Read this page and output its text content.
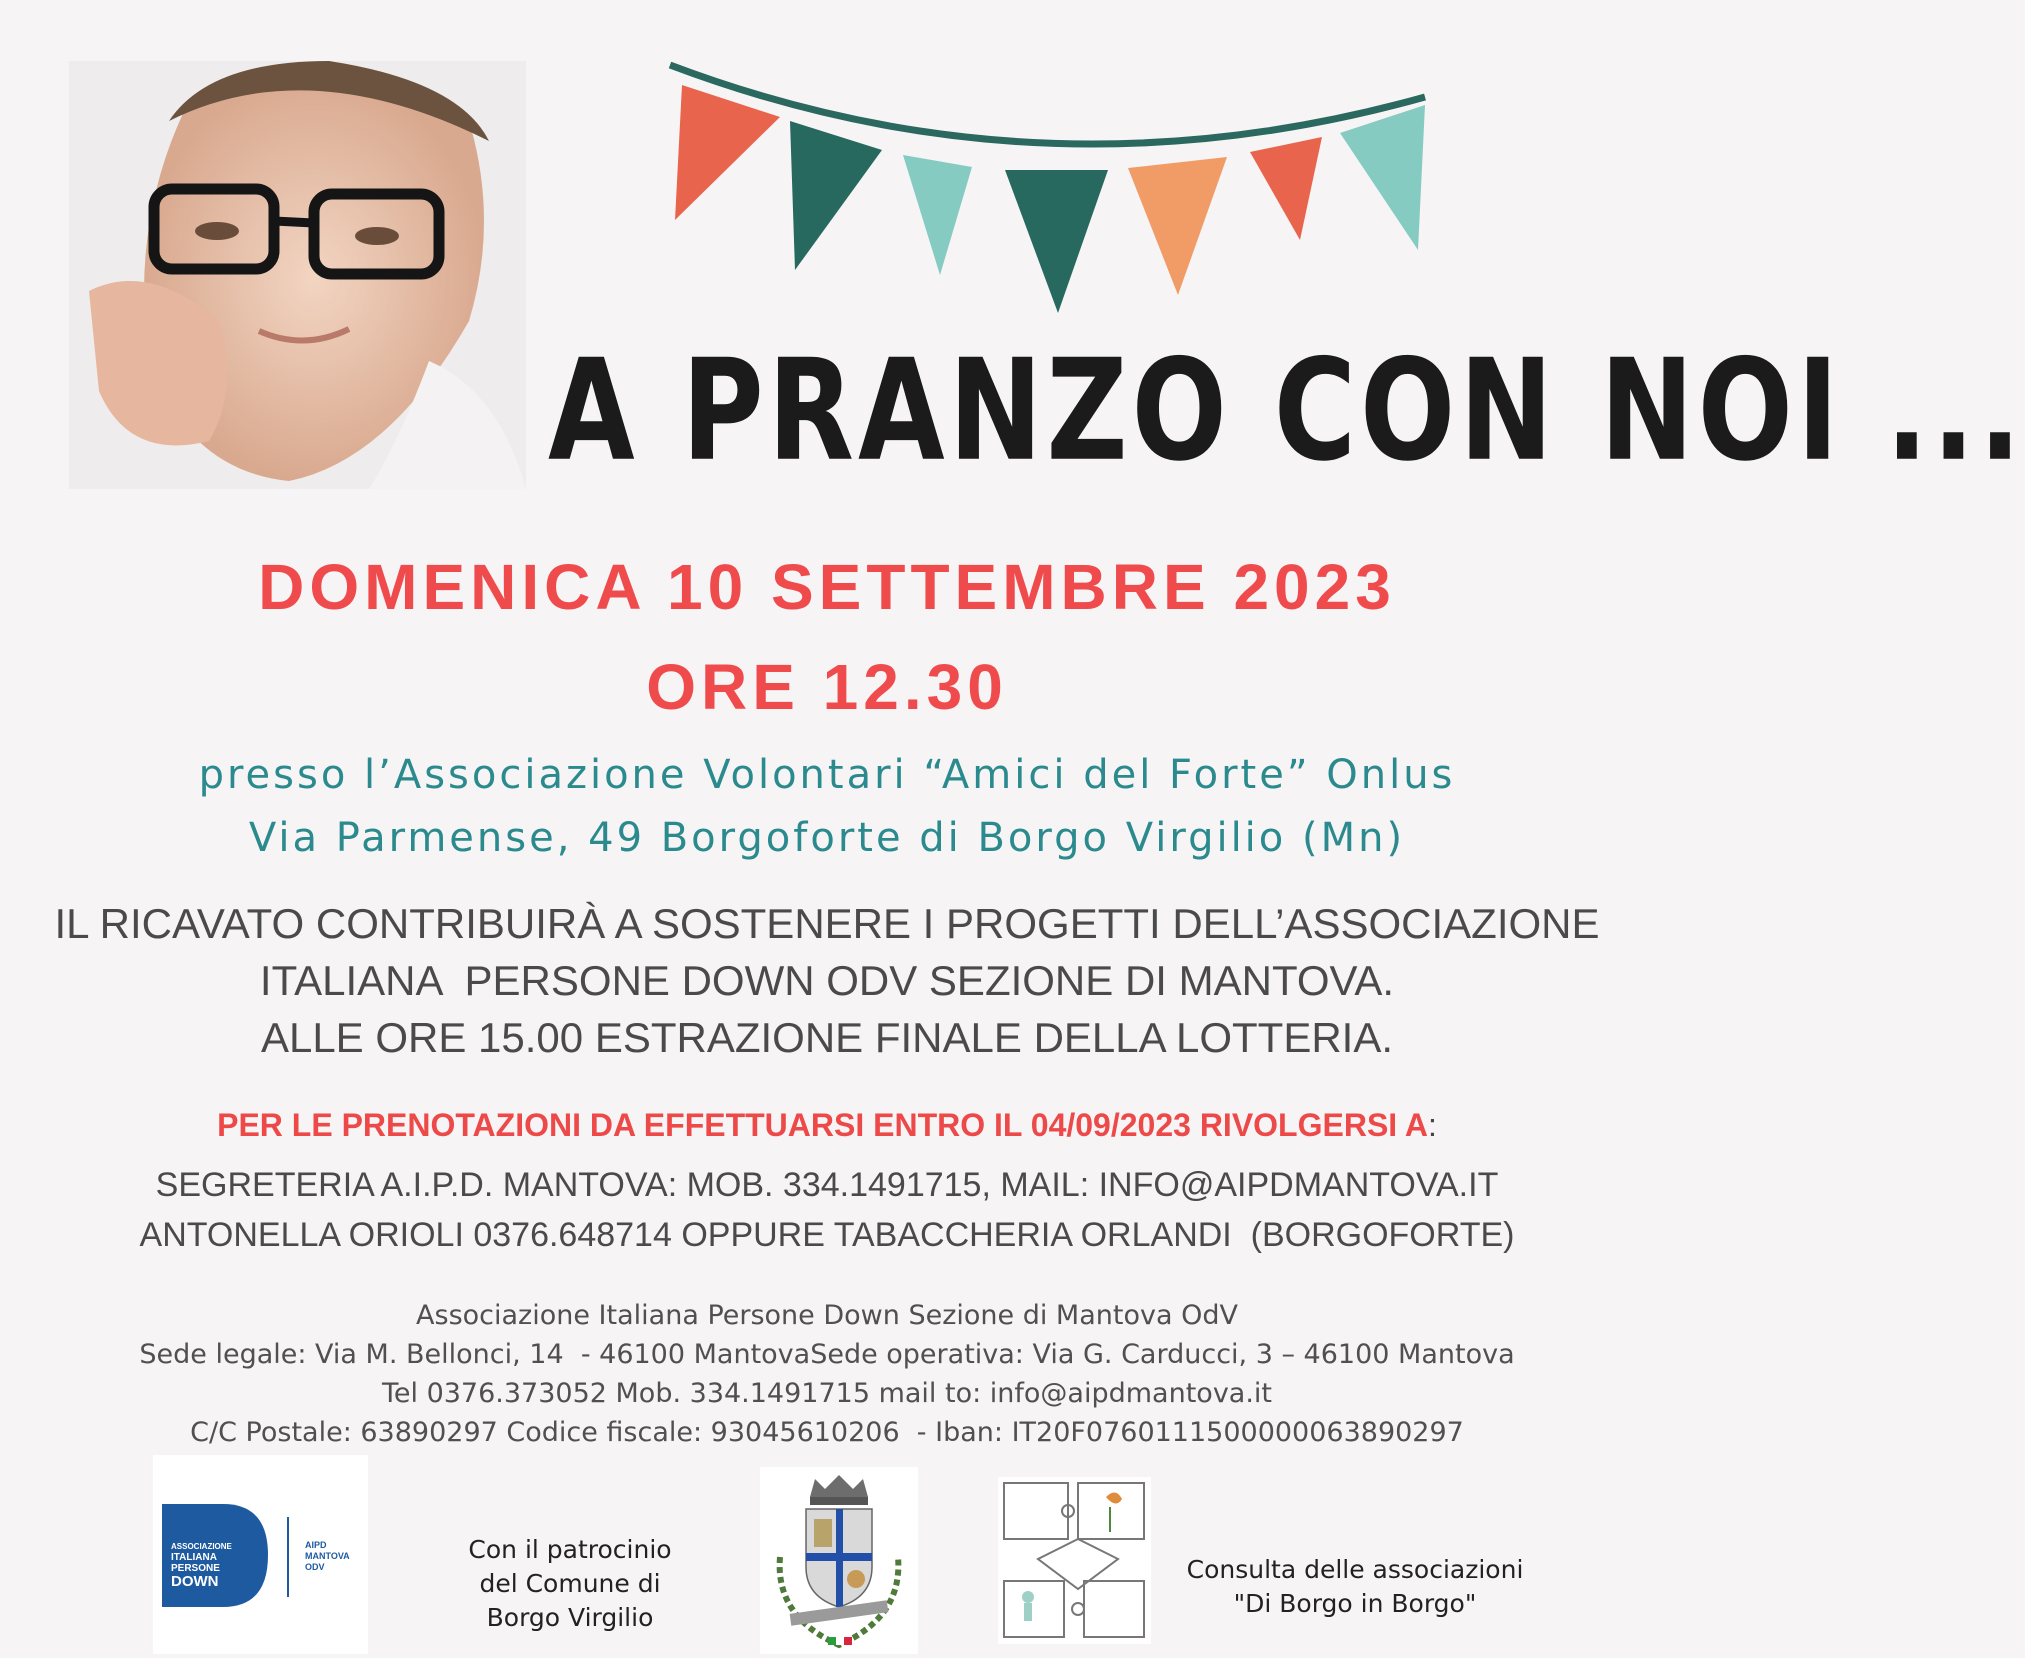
A PRANZO CON NOI ...
DOMENICA 10 SETTEMBRE 2023
ORE 12.30
presso l’Associazione Volontari “Amici del Forte” Onlus
Via Parmense, 49 Borgoforte di Borgo Virgilio (Mn)
IL RICAVATO CONTRIBUIRÀ A SOSTENERE I PROGETTI DELL’ASSOCIAZIONE
ITALIANA  PERSONE DOWN ODV SEZIONE DI MANTOVA.
ALLE ORE 15.00 ESTRAZIONE FINALE DELLA LOTTERIA.
PER LE PRENOTAZIONI DA EFFETTUARSI ENTRO IL 04/09/2023 RIVOLGERSI A:
SEGRETERIA A.I.P.D. MANTOVA: MOB. 334.1491715, MAIL: INFO@AIPDMANTOVA.IT
ANTONELLA ORIOLI 0376.648714 OPPURE TABACCHERIA ORLANDI  (BORGOFORTE)
Associazione Italiana Persone Down Sezione di Mantova OdV
Sede legale: Via M. Bellonci, 14  - 46100 MantovaSede operativa: Via G. Carducci, 3 – 46100 Mantova
Tel 0376.373052 Mob. 334.1491715 mail to: info@aipdmantova.it
C/C Postale: 63890297 Codice fiscale: 93045610206  - Iban: IT20F0760111500000063890297
ASSOCIAZIONE
ITALIANA
PERSONE
DOWN
AIPD
MANTOVA
ODV
Con il patrocinio
del Comune di
Borgo Virgilio
Consulta delle associazioni
"Di Borgo in Borgo"
